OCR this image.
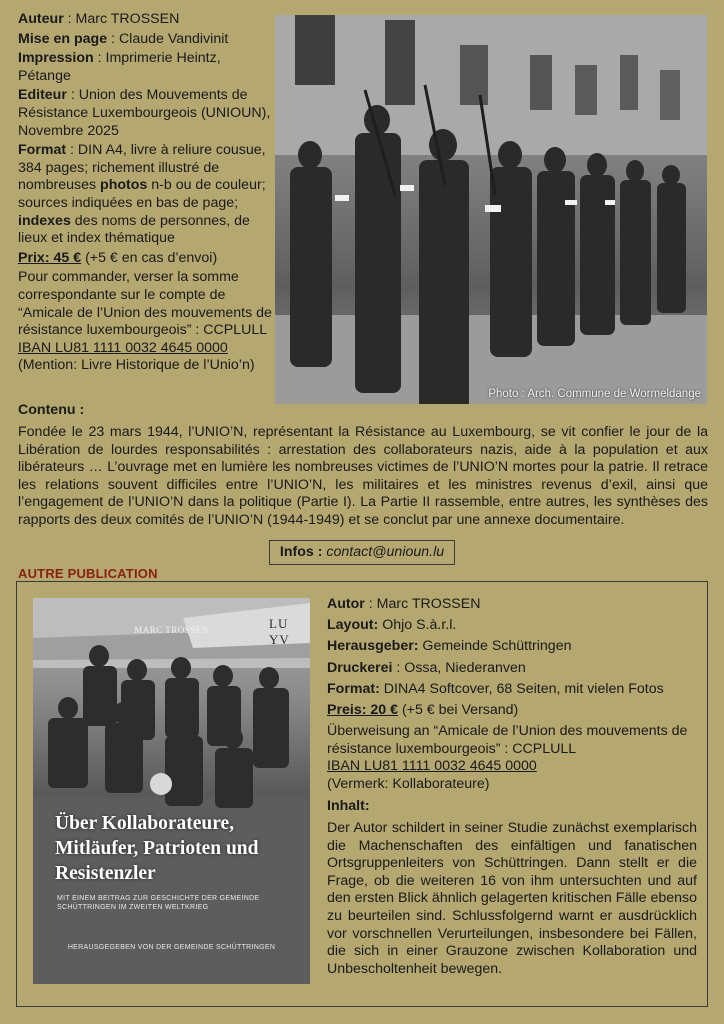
Auteur : Marc TROSSEN

Mise en page : Claude Vandivinit

Impression : Imprimerie Heintz, Pétange

Editeur : Union des Mouvements de Résistance Luxembourgeois (UNIOUN), Novembre 2025

Format : DIN A4, livre à reliure cousue, 384 pages; richement illustré de nombreuses photos n-b ou de couleur; sources indiquées en bas de page; indexes des noms de personnes, de lieux et index thématique

Prix: 45 € (+5 € en cas d’envoi)

Pour commander, verser la somme correspondante sur le compte de “Amicale de l’Union des mouvements de résistance luxembourgeois” : CCPLULL

IBAN LU81 1111 0032 4645 0000

(Mention: Livre Historique de l’Unio’n)

Photo : Arch. Commune de Wormeldange
Contenu :

Fondée le 23 mars 1944, l’UNIO’N, représentant la Résistance au Luxembourg, se vit confier le jour de la Libération de lourdes responsabilités : arrestation des collaborateurs nazis, aide à la population et aux libérateurs … L’ouvrage met en lumière les nombreuses victimes de l’UNIO’N mortes pour la patrie. Il retrace les relations souvent difficiles entre l’UNIO’N, les militaires et les ministres revenus d’exil, ainsi que l’engagement de l’UNIO’N dans la politique (Partie I). La Partie II rassemble, entre autres, les synthèses des rapports des deux comités de l’UNIO’N (1944-1949) et se conclut par une annexe documentaire.

Infos : contact@unioun.lu
AUTRE PUBLICATION
MARC TROSSEN	LU YV
Über Kollaborateure, Mitläufer, Patrioten und Resistenzler
MIT EINEM BEITRAG ZUR GESCHICHTE DER GEMEINDE SCHÜTTRINGEN IM ZWEITEN WELTKRIEG
HERAUSGEGEBEN VON DER GEMEINDE SCHÜTTRINGEN

Autor : Marc TROSSEN

Layout: Ohjo S.à.r.l.

Herausgeber: Gemeinde Schüttringen

Druckerei : Ossa, Niederanven

Format: DINA4 Softcover, 68 Seiten, mit vielen Fotos

Preis: 20 € (+5 € bei Versand)

Überweisung an “Amicale de l’Union des mouvements de résistance luxembourgeois” : CCPLULL

IBAN LU81 1111 0032 4645 0000

(Vermerk: Kollaborateure)

Inhalt:

Der Autor schildert in seiner Studie zunächst exemplarisch die Machenschaften des einfältigen und fanatischen Ortsgruppenleiters von Schüttringen. Dann stellt er die Frage, ob die weiteren 16 von ihm untersuchten und auf den ersten Blick ähnlich gelagerten kritischen Fälle ebenso zu beurteilen sind. Schlussfolgernd warnt er ausdrücklich vor vorschnellen Verurteilungen, insbesondere bei Fällen, die sich in einer Grauzone zwischen Kollaboration und Unbescholtenheit bewegen.
